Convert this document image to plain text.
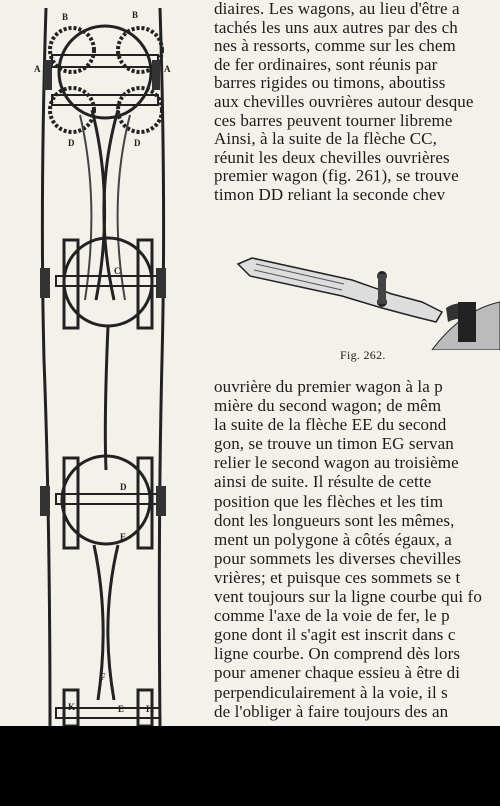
B	B
A
D	D
C
D
E
F
K	E H
A
diaires. Les wagons, au lieu d'être a
tachés les uns aux autres par des ch
nes à ressorts, comme sur les chem
de fer ordinaires, sont réunis par
barres rigides ou timons, aboutiss
aux chevilles ouvrières autour desque
ces barres peuvent tourner libreme
Ainsi, à la suite de la flèche CC,
réunit les deux chevilles ouvrières
premier wagon (fig. 261), se trouve
timon DD reliant la seconde chev
Fig. 262.
ouvrière du premier wagon à la p
mière du second wagon; de mêm
la suite de la flèche EE du second
gon, se trouve un timon EG servan
relier le second wagon au troisième
ainsi de suite. Il résulte de cette
position que les flèches et les tim
dont les longueurs sont les mêmes,
ment un polygone à côtés égaux, a
pour sommets les diverses chevilles
vrières; et puisque ces sommets se t
vent toujours sur la ligne courbe qui fo
comme l'axe de la voie de fer, le p
gone dont il s'agit est inscrit dans c
ligne courbe. On comprend dès lors
pour amener chaque essieu à être di
perpendiculairement à la voie, il s
de l'obliger à faire toujours des an
